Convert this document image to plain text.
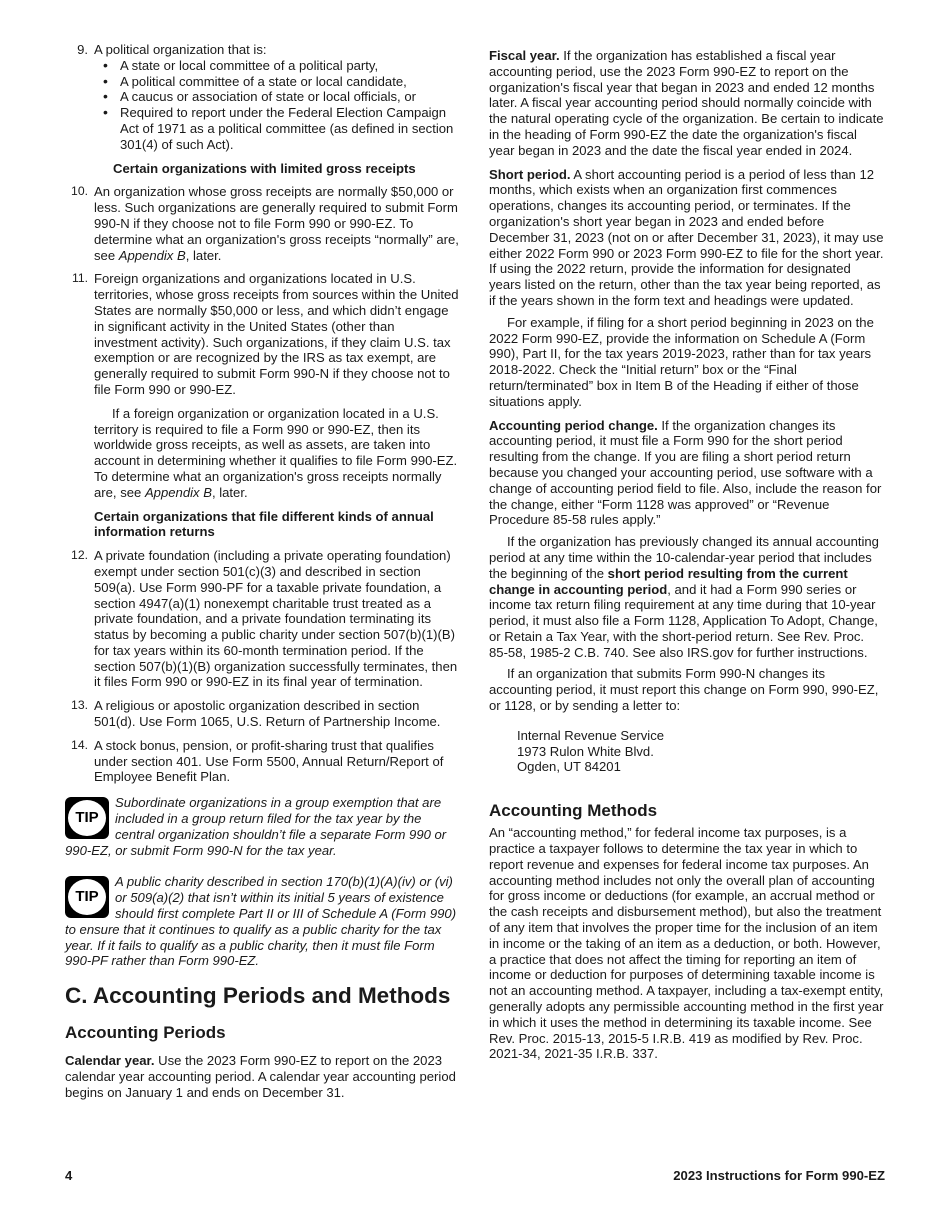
9. A political organization that is:
• A state or local committee of a political party,
• A political committee of a state or local candidate,
• A caucus or association of state or local officials, or
• Required to report under the Federal Election Campaign Act of 1971 as a political committee (as defined in section 301(4) of such Act).
Certain organizations with limited gross receipts
10. An organization whose gross receipts are normally $50,000 or less. Such organizations are generally required to submit Form 990-N if they choose not to file Form 990 or 990-EZ. To determine what an organization's gross receipts “normally” are, see Appendix B, later.
11. Foreign organizations and organizations located in U.S. territories, whose gross receipts from sources within the United States are normally $50,000 or less, and which didn’t engage in significant activity in the United States (other than investment activity). Such organizations, if they claim U.S. tax exemption or are recognized by the IRS as tax exempt, are generally required to submit Form 990-N if they choose not to file Form 990 or 990-EZ.

If a foreign organization or organization located in a U.S. territory is required to file a Form 990 or 990-EZ, then its worldwide gross receipts, as well as assets, are taken into account in determining whether it qualifies to file Form 990-EZ. To determine what an organization's gross receipts normally are, see Appendix B, later.

Certain organizations that file different kinds of annual information returns
12. A private foundation (including a private operating foundation) exempt under section 501(c)(3) and described in section 509(a). Use Form 990-PF for a taxable private foundation, a section 4947(a)(1) nonexempt charitable trust treated as a private foundation, and a private foundation terminating its status by becoming a public charity under section 507(b)(1)(B) for tax years within its 60-month termination period. If the section 507(b)(1)(B) organization successfully terminates, then it files Form 990 or 990-EZ in its final year of termination.
13. A religious or apostolic organization described in section 501(d). Use Form 1065, U.S. Return of Partnership Income.
14. A stock bonus, pension, or profit-sharing trust that qualifies under section 401. Use Form 5500, Annual Return/Report of Employee Benefit Plan.
TIP
Subordinate organizations in a group exemption that are included in a group return filed for the tax year by the central organization shouldn’t file a separate Form 990 or 990-EZ, or submit Form 990-N for the tax year.
TIP
A public charity described in section 170(b)(1)(A)(iv) or (vi) or 509(a)(2) that isn’t within its initial 5 years of existence should first complete Part II or III of Schedule A (Form 990) to ensure that it continues to qualify as a public charity for the tax year. If it fails to qualify as a public charity, then it must file Form 990-PF rather than Form 990-EZ.
C. Accounting Periods and Methods
Accounting Periods

Calendar year. Use the 2023 Form 990-EZ to report on the 2023 calendar year accounting period. A calendar year accounting period begins on January 1 and ends on December 31.

Fiscal year. If the organization has established a fiscal year accounting period, use the 2023 Form 990-EZ to report on the organization's fiscal year that began in 2023 and ended 12 months later. A fiscal year accounting period should normally coincide with the natural operating cycle of the organization. Be certain to indicate in the heading of Form 990-EZ the date the organization's fiscal year began in 2023 and the date the fiscal year ended in 2024.

Short period. A short accounting period is a period of less than 12 months, which exists when an organization first commences operations, changes its accounting period, or terminates. If the organization's short year began in 2023 and ended before December 31, 2023 (not on or after December 31, 2023), it may use either 2022 Form 990 or 2023 Form 990-EZ to file for the short year. If using the 2022 return, provide the information for designated years listed on the return, other than the tax year being reported, as if the years shown in the form text and headings were updated.

For example, if filing for a short period beginning in 2023 on the 2022 Form 990-EZ, provide the information on Schedule A (Form 990), Part II, for the tax years 2019-2023, rather than for tax years 2018-2022. Check the “Initial return” box or the “Final return/terminated” box in Item B of the Heading if either of those situations apply.

Accounting period change. If the organization changes its accounting period, it must file a Form 990 for the short period resulting from the change. If you are filing a short period return because you changed your accounting period, use software with a change of accounting period field to file. Also, include the reason for the change, either “Form 1128 was approved” or “Revenue Procedure 85-58 rules apply.”

If the organization has previously changed its annual accounting period at any time within the 10-calendar-year period that includes the beginning of the short period resulting from the current change in accounting period, and it had a Form 990 series or income tax return filing requirement at any time during that 10-year period, it must also file a Form 1128, Application To Adopt, Change, or Retain a Tax Year, with the short-period return. See Rev. Proc. 85-58, 1985-2 C.B. 740. See also IRS.gov for further instructions.

If an organization that submits Form 990-N changes its accounting period, it must report this change on Form 990, 990-EZ, or 1128, or by sending a letter to:

Internal Revenue Service
1973 Rulon White Blvd.
Ogden, UT 84201
Accounting Methods

An “accounting method,” for federal income tax purposes, is a practice a taxpayer follows to determine the tax year in which to report revenue and expenses for federal income tax purposes. An accounting method includes not only the overall plan of accounting for gross income or deductions (for example, an accrual method or the cash receipts and disbursement method), but also the treatment of any item that involves the proper time for the inclusion of an item in income or the taking of an item as a deduction, or both. However, a practice that does not affect the timing for reporting an item of income or deduction for purposes of determining taxable income is not an accounting method. A taxpayer, including a tax-exempt entity, generally adopts any permissible accounting method in the first year in which it uses the method in determining its taxable income. See Rev. Proc. 2015-13, 2015-5 I.R.B. 419 as modified by Rev. Proc. 2021-34, 2021-35 I.R.B. 337.

4	2023 Instructions for Form 990-EZ
